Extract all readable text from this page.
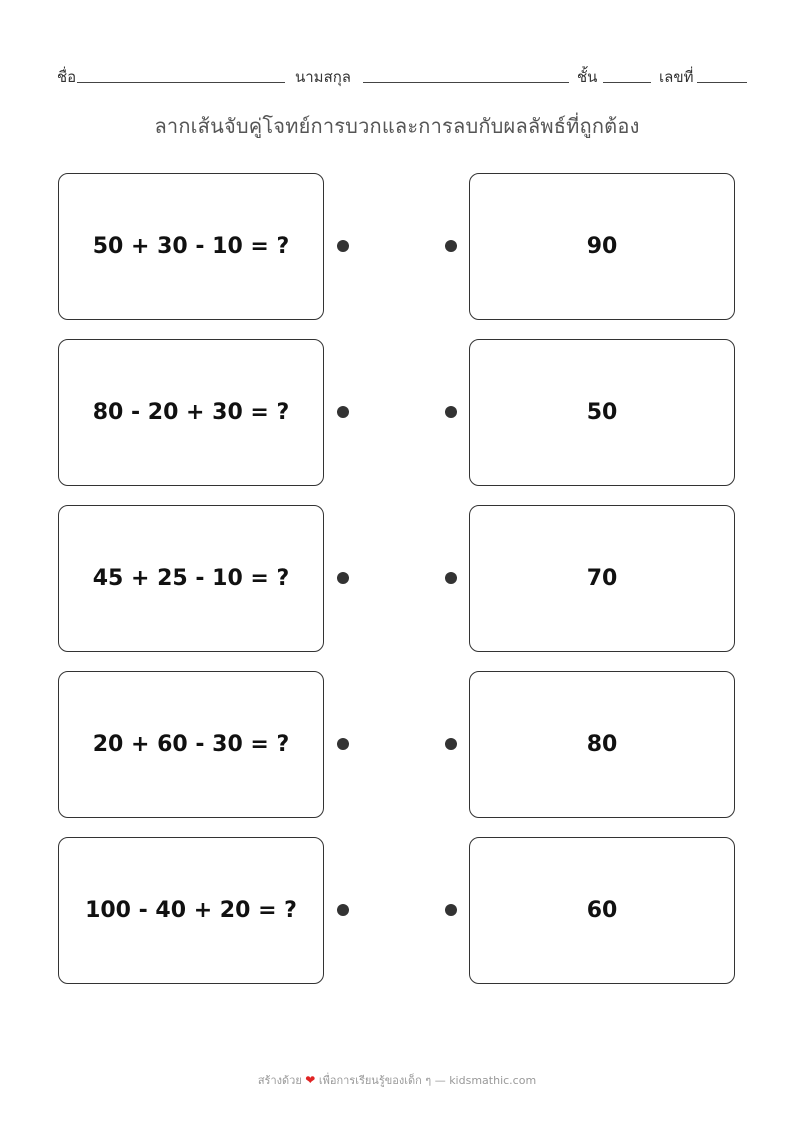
ชื่อ	นามสกุล	ชั้น	เลขที่
ลากเส้นจับคู่โจทย์การบวกและการลบกับผลลัพธ์ที่ถูกต้อง
50 + 30 - 10 = ?	90
80 - 20 + 30 = ?	50
45 + 25 - 10 = ?	70
20 + 60 - 30 = ?	80
100 - 40 + 20 = ?	60
สร้างด้วย ❤ เพื่อการเรียนรู้ของเด็ก ๆ — kidsmathic.com
